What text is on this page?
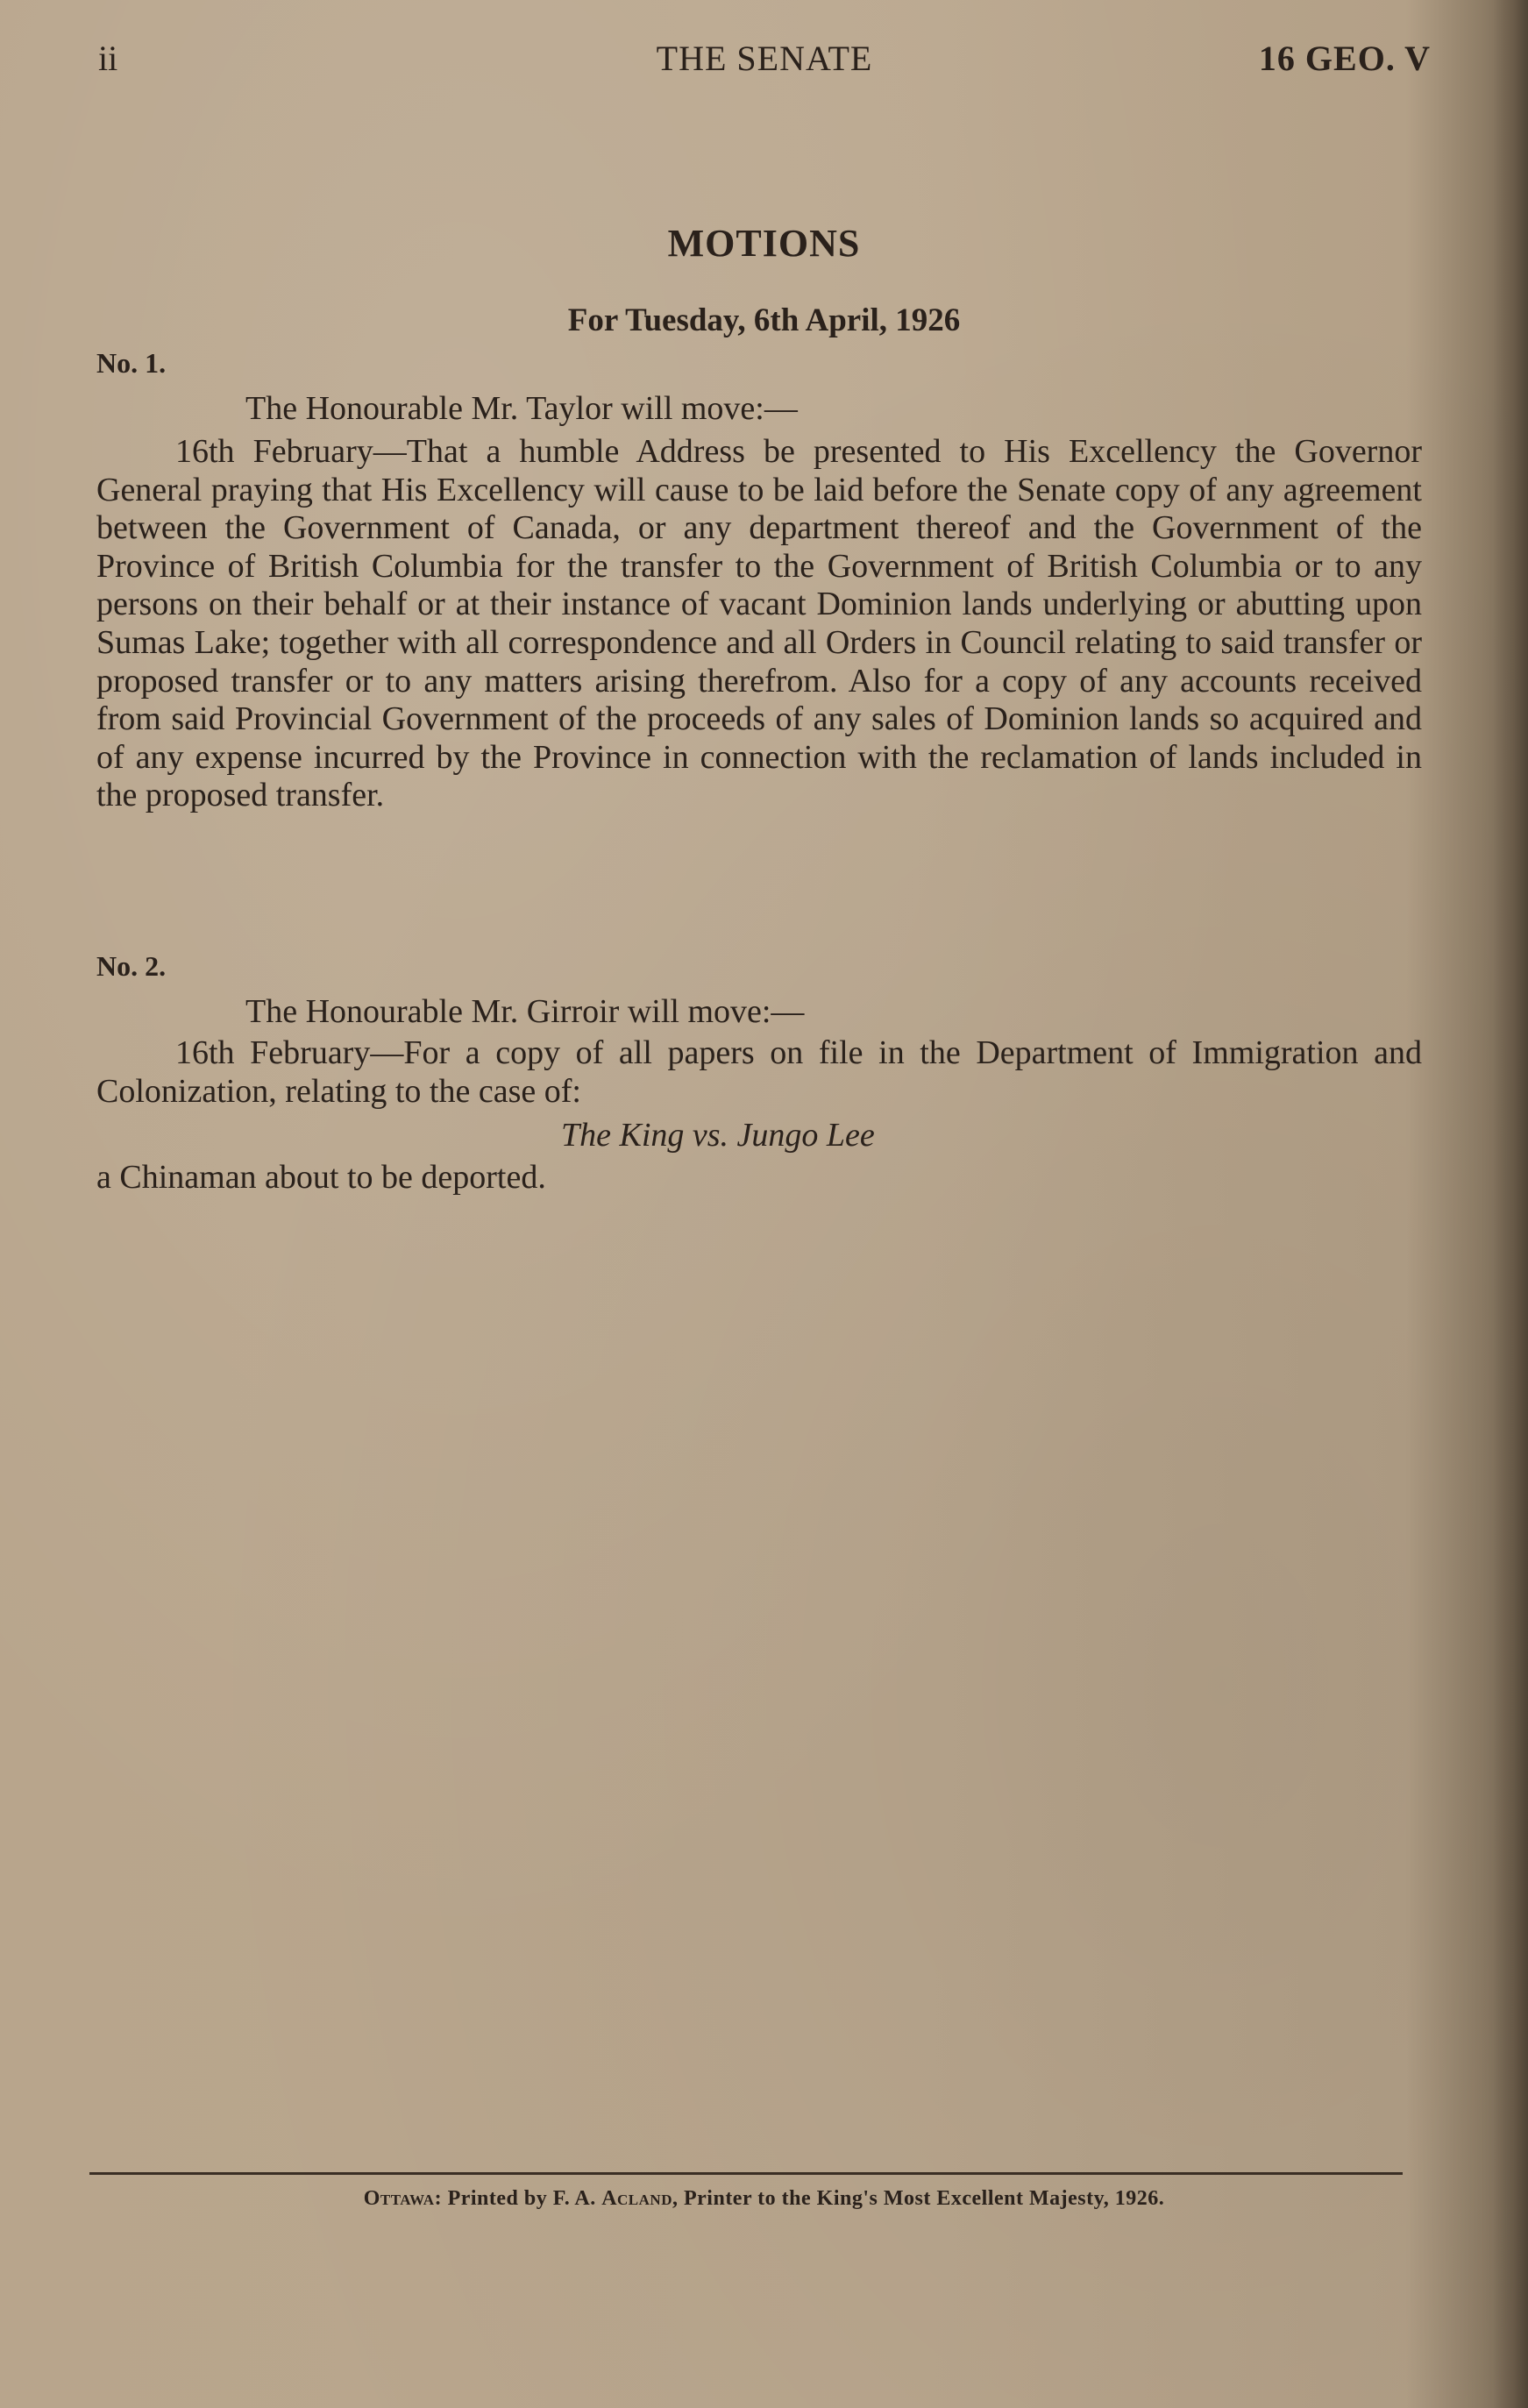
ii	THE SENATE	16 GEO. V
MOTIONS
For Tuesday, 6th April, 1926
No. 1.
The Honourable Mr. Taylor will move:—

16th February—That a humble Address be presented to His Excellency the Governor General praying that His Excellency will cause to be laid before the Senate copy of any agreement between the Government of Canada, or any department thereof and the Government of the Province of British Columbia for the transfer to the Government of British Columbia or to any persons on their behalf or at their instance of vacant Dominion lands underlying or abutting upon Sumas Lake; together with all correspondence and all Orders in Council relating to said transfer or proposed transfer or to any matters arising therefrom. Also for a copy of any accounts received from said Provincial Government of the proceeds of any sales of Dominion lands so acquired and of any expense incurred by the Province in connection with the reclamation of lands included in the proposed transfer.

No. 2.
The Honourable Mr. Girroir will move:—

16th February—For a copy of all papers on file in the Department of Immigration and Colonization, relating to the case of:

The King vs. Jungo Lee
a Chinaman about to be deported.
Ottawa: Printed by F. A. Acland, Printer to the King's Most Excellent Majesty, 1926.
